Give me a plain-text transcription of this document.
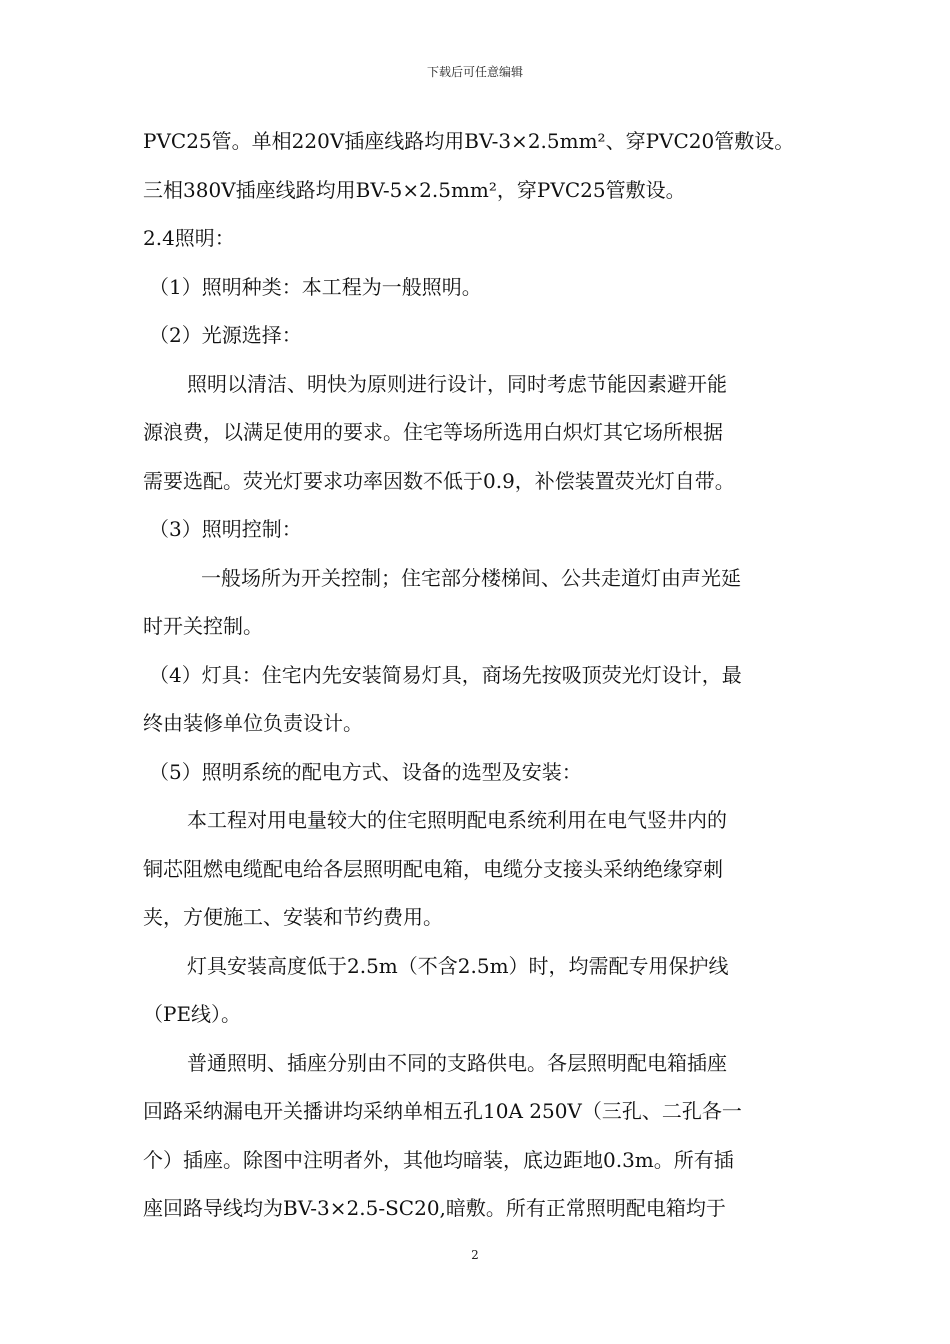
下载后可任意编辑
PVC25管。单相220V插座线路均用BV-3×2.5mm²、穿PVC20管敷设。
三相380V插座线路均用BV-5×2.5mm²，穿PVC25管敷设。
2.4照明：
（1）照明种类：本工程为一般照明。
（2）光源选择：
照明以清洁、明快为原则进行设计，同时考虑节能因素避开能
源浪费，以满足使用的要求。住宅等场所选用白炽灯其它场所根据
需要选配。荧光灯要求功率因数不低于0.9，补偿装置荧光灯自带。
（3）照明控制：
一般场所为开关控制；住宅部分楼梯间、公共走道灯由声光延
时开关控制。
（4）灯具：住宅内先安装简易灯具，商场先按吸顶荧光灯设计，最
终由装修单位负责设计。
（5）照明系统的配电方式、设备的选型及安装：
本工程对用电量较大的住宅照明配电系统利用在电气竖井内的
铜芯阻燃电缆配电给各层照明配电箱，电缆分支接头采纳绝缘穿刺
夹，方便施工、安装和节约费用。
灯具安装高度低于2.5m（不含2.5m）时，均需配专用保护线
（PE线）。
普通照明、插座分别由不同的支路供电。各层照明配电箱插座
回路采纳漏电开关播讲均采纳单相五孔10A 250V（三孔、二孔各一
个）插座。除图中注明者外，其他均暗装，底边距地0.3m。所有插
座回路导线均为BV-3×2.5-SC20,暗敷。所有正常照明配电箱均于
2
